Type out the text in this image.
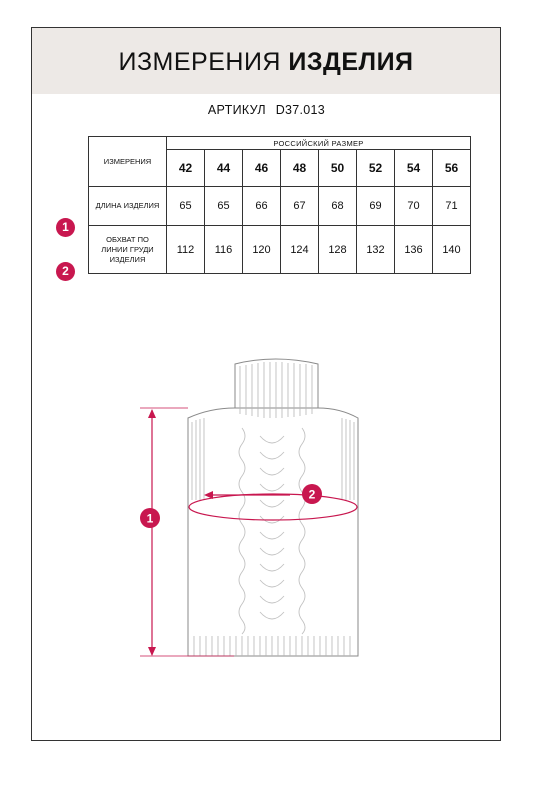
ИЗМЕРЕНИЯ ИЗДЕЛИЯ
АРТИКУЛ D37.013
1
2
ИЗМЕРЕНИЯ	РОССИЙСКИЙ РАЗМЕР							
	42	44	46	48	50	52	54	56
ДЛИНА ИЗДЕЛИЯ	65	65	66	67	68	69	70	71

ОБХВАТ ПО
ЛИНИИ ГРУДИ
ИЗДЕЛИЯ	112	116	120	124	128	132	136	140
1
2
